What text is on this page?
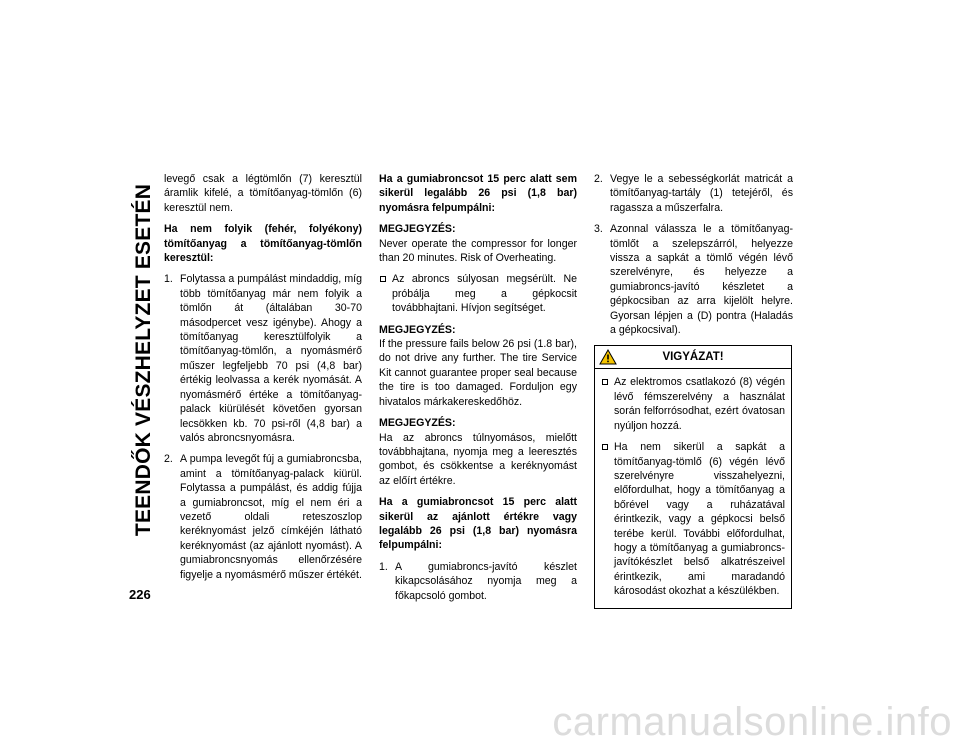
TEENDŐK VÉSZHELYZET ESETÉN
226

levegő csak a légtömlőn (7) keresztül áramlik kifelé, a tömítőanyag-tömlőn (6) keresztül nem.

Ha nem folyik (fehér, folyékony) tömítőanyag a tömítőanyag-tömlőn keresztül:

1. Folytassa a pumpálást mindaddig, míg több tömítőanyag már nem folyik a tömlőn át (általában 30-70 másodpercet vesz igénybe). Ahogy a tömítőanyag keresztülfolyik a tömítőanyag-tömlőn, a nyomásmérő műszer legfeljebb 70 psi (4,8 bar) értékig leolvassa a kerék nyomását. A nyomásmérő értéke a tömítőanyag-palack kiürülését követően gyorsan lecsökken kb. 70 psi-ről (4,8 bar) a valós abroncsnyomásra.
2. A pumpa levegőt fúj a gumiabroncsba, amint a tömítőanyag-palack kiürül. Folytassa a pumpálást, és addig fújja a gumiabroncsot, míg el nem éri a vezető oldali reteszoszlop keréknyomást jelző címkéjén látható keréknyomást (az ajánlott nyomást). A gumiabroncsnyomás ellenőrzésére figyelje a nyomásmérő műszer értékét.

Ha a gumiabroncsot 15 perc alatt sem sikerül legalább 26 psi (1,8 bar) nyomásra felpumpálni:

MEGJEGYZÉS:

Never operate the compressor for longer than 20 minutes. Risk of Overheating.

Az abroncs súlyosan megsérült. Ne próbálja meg a gépkocsit továbbhajtani. Hívjon segítséget.

MEGJEGYZÉS:

If the pressure fails below 26 psi (1.8 bar), do not drive any further. The tire Service Kit cannot guarantee proper seal because the tire is too damaged. Forduljon egy hivatalos márkakereskedőhöz.

MEGJEGYZÉS:

Ha az abroncs túlnyomásos, mielőtt továbbhajtana, nyomja meg a leeresztés gombot, és csökkentse a keréknyomást az előírt értékre.

Ha a gumiabroncsot 15 perc alatt sikerül az ajánlott értékre vagy legalább 26 psi (1,8 bar) nyomásra felpumpálni:

1. A gumiabroncs-javító készlet kikapcsolásához nyomja meg a főkapcsoló gombot.
2. Vegye le a sebességkorlát matricát a tömítőanyag-tartály (1) tetejéről, és ragassza a műszerfalra.
3. Azonnal válassza le a tömítőanyag-tömlőt a szelepszárról, helyezze vissza a sapkát a tömlő végén lévő szerelvényre, és helyezze a gumiabroncs-javító készletet a gépkocsiban az arra kijelölt helyre. Gyorsan lépjen a (D) pontra (Haladás a gépkocsival).
VIGYÁZAT!
Az elektromos csatlakozó (8) végén lévő fémszerelvény a használat során felforrósodhat, ezért óvatosan nyúljon hozzá.
Ha nem sikerül a sapkát a tömítőanyag-tömlő (6) végén lévő szerelvényre visszahelyezni, előfordulhat, hogy a tömítőanyag a bőrével vagy a ruházatával érintkezik, vagy a gépkocsi belső terébe kerül. További előfordulhat, hogy a tömítőanyag a gumiabroncs-javítókészlet belső alkatrészeivel érintkezik, ami maradandó károsodást okozhat a készülékben.
carmanualsonline.info
